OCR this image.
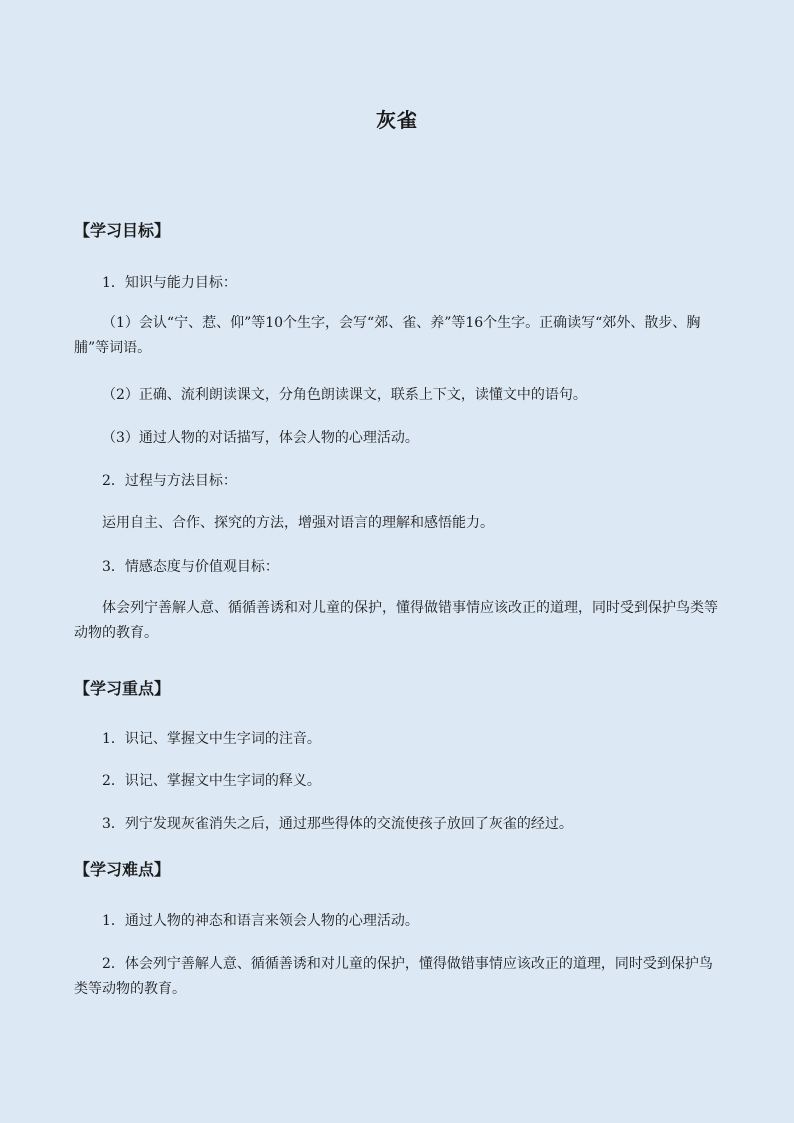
灰雀
【学习目标】
1．知识与能力目标：
（1）会认“宁、惹、仰”等10个生字，会写“郊、雀、养”等16个生字。正确读写“郊外、散步、胸脯”等词语。
（2）正确、流利朗读课文，分角色朗读课文，联系上下文，读懂文中的语句。
（3）通过人物的对话描写，体会人物的心理活动。
2．过程与方法目标：
运用自主、合作、探究的方法，增强对语言的理解和感悟能力。
3．情感态度与价值观目标：
体会列宁善解人意、循循善诱和对儿童的保护，懂得做错事情应该改正的道理，同时受到保护鸟类等动物的教育。
【学习重点】
1．识记、掌握文中生字词的注音。
2．识记、掌握文中生字词的释义。
3．列宁发现灰雀消失之后，通过那些得体的交流使孩子放回了灰雀的经过。
【学习难点】
1．通过人物的神态和语言来领会人物的心理活动。
2．体会列宁善解人意、循循善诱和对儿童的保护，懂得做错事情应该改正的道理，同时受到保护鸟类等动物的教育。
